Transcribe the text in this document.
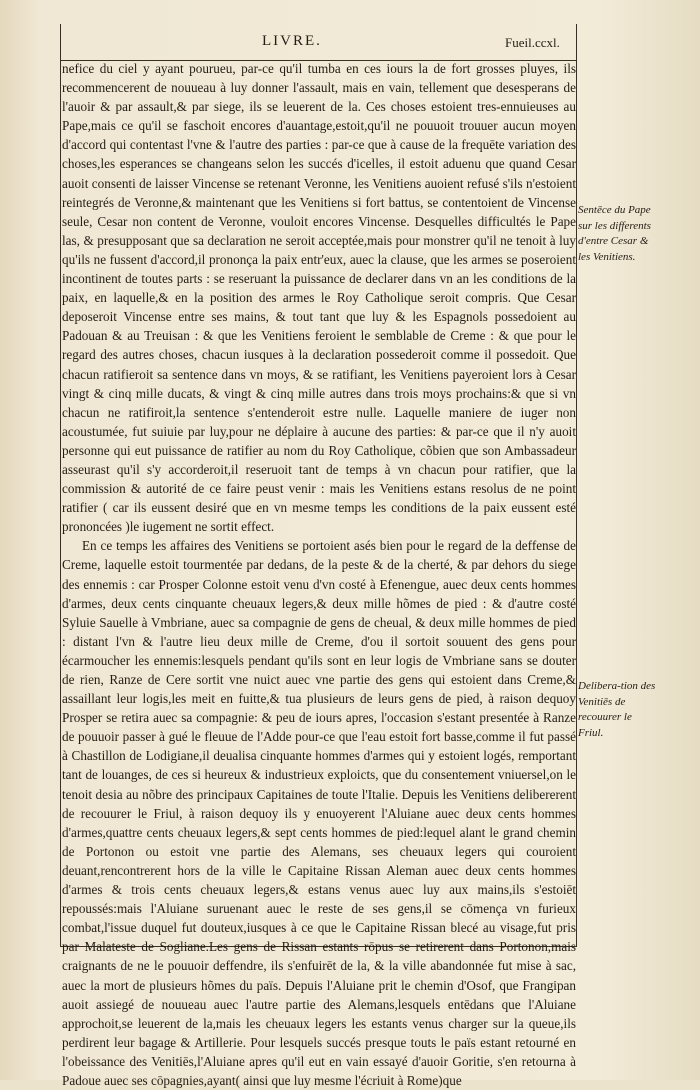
LIVRE.	Fueil.ccxl.

nefice du ciel y ayant pourueu, par-ce qu'il tumba en ces iours la de fort grosses pluyes, ils recommencerent de nouueau à luy donner l'assault, mais en vain, tellement que desesperans de l'auoir & par assault,& par siege, ils se leuerent de la. Ces choses estoient tres-ennuieuses au Pape,mais ce qu'il se faschoit encores d'auantage,estoit,qu'il ne pouuoit trouuer aucun moyen d'accord qui contentast l'vne & l'autre des parties : par-ce que à cause de la frequēte variation des choses,les esperances se changeans selon les succés d'icelles, il estoit aduenu que quand Cesar auoit consenti de laisser Vincense se retenant Veronne, les Venitiens auoient refusé s'ils n'estoient reintegrés de Veronne,& maintenant que les Venitiens si fort battus, se contentoient de Vincense seule, Cesar non content de Veronne, vouloit encores Vincense. Desquelles difficultés le Pape las, & presupposant que sa declaration ne seroit acceptée,mais pour monstrer qu'il ne tenoit à luy qu'ils ne fussent d'accord,il prononça la paix entr'eux, auec la clause, que les armes se poseroient incontinent de toutes parts : se reseruant la puissance de declarer dans vn an les conditions de la paix, en laquelle,& en la position des armes le Roy Catholique seroit compris. Que Cesar deposeroit Vincense entre ses mains, & tout tant que luy & les Espagnols possedoient au Padouan & au Treuisan : & que les Venitiens feroient le semblable de Creme : & que pour le regard des autres choses, chacun iusques à la declaration possederoit comme il possedoit. Que chacun ratifieroit sa sentence dans vn moys, & se ratifiant, les Venitiens payeroient lors à Cesar vingt & cinq mille ducats, & vingt & cinq mille autres dans trois moys prochains:& que si vn chacun ne ratifiroit,la sentence s'entenderoit estre nulle. Laquelle maniere de iuger non acoustumée, fut suiuie par luy,pour ne déplaire à aucune des parties: & par-ce que il n'y auoit personne qui eut puissance de ratifier au nom du Roy Catholique, cõbien que son Ambassadeur asseurast qu'il s'y accorderoit,il reseruoit tant de temps à vn chacun pour ratifier, que la commission & autorité de ce faire peust venir : mais les Venitiens estans resolus de ne point ratifier ( car ils eussent desiré que en vn mesme temps les conditions de la paix eussent esté prononcées )le iugement ne sortit effect.

En ce temps les affaires des Venitiens se portoient asés bien pour le regard de la deffense de Creme, laquelle estoit tourmentée par dedans, de la peste & de la cherté, & par dehors du siege des ennemis : car Prosper Colonne estoit venu d'vn costé à Efenengue, auec deux cents hommes d'armes, deux cents cinquante cheuaux legers,& deux mille hõmes de pied : & d'autre costé Syluie Sauelle à Vmbriane, auec sa compagnie de gens de cheual, & deux mille hommes de pied : distant l'vn & l'autre lieu deux mille de Creme, d'ou il sortoit souuent des gens pour écarmoucher les ennemis:lesquels pendant qu'ils sont en leur logis de Vmbriane sans se douter de rien, Ranze de Cere sortit vne nuict auec vne partie des gens qui estoient dans Creme,& assaillant leur logis,les meit en fuitte,& tua plusieurs de leurs gens de pied, à raison dequoy Prosper se retira auec sa compagnie: & peu de iours apres, l'occasion s'estant presentée à Ranze de pouuoir passer à gué le fleuue de l'Adde pour-ce que l'eau estoit fort basse,comme il fut passé à Chastillon de Lodigiane,il deualisa cinquante hommes d'armes qui y estoient logés, remportant tant de louanges, de ces si heureux & industrieux exploicts, que du consentement vniuersel,on le tenoit desia au nõbre des principaux Capitaines de toute l'Italie. Depuis les Venitiens delibererent de recouurer le Friul, à raison dequoy ils y enuoyerent l'Aluiane auec deux cents hommes d'armes,quattre cents cheuaux legers,& sept cents hommes de pied:lequel alant le grand chemin de Portonon ou estoit vne partie des Alemans, ses cheuaux legers qui couroient deuant,rencontrerent hors de la ville le Capitaine Rissan Aleman auec deux cents hommes d'armes & trois cents cheuaux legers,& estans venus auec luy aux mains,ils s'estoiēt repoussés:mais l'Aluiane suruenant auec le reste de ses gens,il se cōmença vn furieux combat,l'issue duquel fut douteux,iusques à ce que le Capitaine Rissan blecé au visage,fut pris par Malateste de Sogliane.Les gens de Rissan estants rōpus se retirerent dans Portonon,mais craignants de ne le pouuoir deffendre, ils s'enfuirēt de la, & la ville abandonnée fut mise à sac, auec la mort de plusieurs hõmes du païs. Depuis l'Aluiane prit le chemin d'Osof, que Frangipan auoit assiegé de nouueau auec l'autre partie des Alemans,lesquels entēdans que l'Aluiane approchoit,se leuerent de la,mais les cheuaux legers les estants venus charger sur la queue,ils perdirent leur bagage & Artillerie. Pour lesquels succés presque touts le païs estant retourné en l'obeissance des Venitiēs,l'Aluiane apres qu'il eut en vain essayé d'auoir Goritie, s'en retourna à Padoue auec ses cōpagnies,ayant( ainsi que luy mesme l'écriuit à Rome)que

Sentēce du Pape sur les differents d'entre Cesar & les Venitiens.
Delibera-tion des Venitiēs de recouurer le Friul.
